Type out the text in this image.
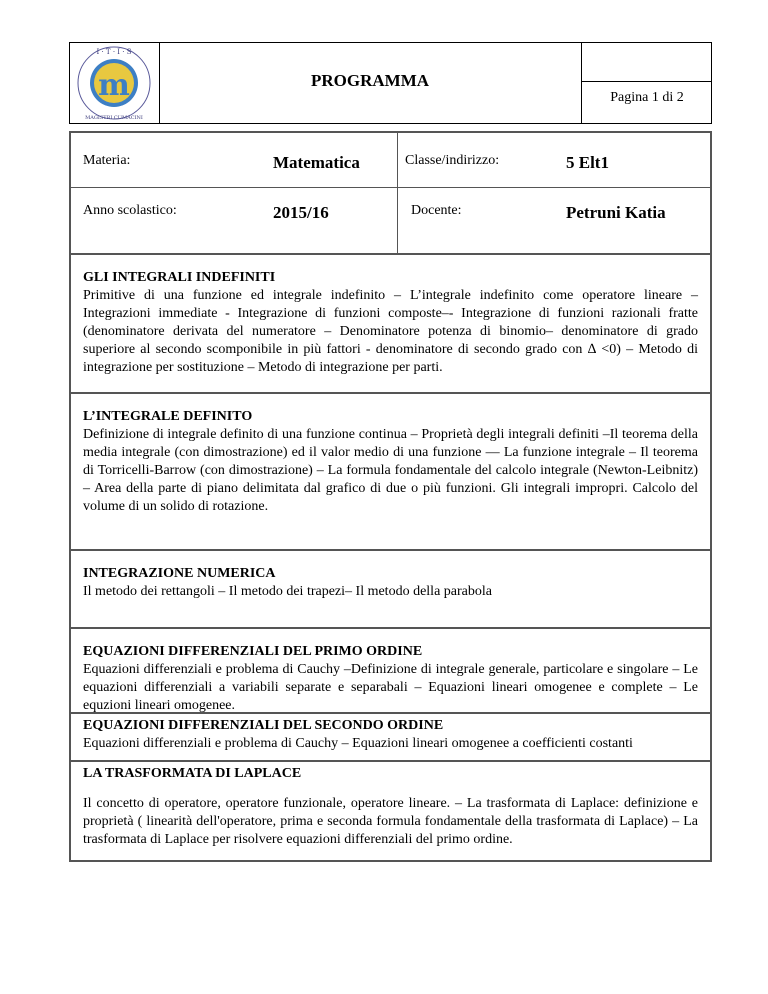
m
I · T · I · S
MAGISTRI CUMACINI
PROGRAMMA
Pagina 1 di 2
Materia:	Matematica	Classe/indirizzo:	5 Elt1
Anno scolastico:	2015/16	Docente:	Petruni Katia
GLI INTEGRALI INDEFINITI
Primitive di una funzione ed integrale indefinito – L’integrale indefinito come operatore lineare – Integrazioni immediate - Integrazione di funzioni composte–- Integrazione di funzioni razionali fratte (denominatore derivata del numeratore – Denominatore potenza di binomio– denominatore di grado superiore al secondo scomponibile in più fattori - denominatore di secondo grado con ∆ <0) – Metodo di integrazione per sostituzione – Metodo di integrazione per parti.
L’INTEGRALE DEFINITO
Definizione di integrale definito di una funzione continua – Proprietà degli integrali definiti –Il teorema della media integrale (con dimostrazione) ed il valor medio di una funzione — La funzione integrale – Il teorema di Torricelli-Barrow (con dimostrazione) – La formula fondamentale del calcolo integrale (Newton-Leibnitz) – Area della parte di piano delimitata dal grafico di due o più funzioni. Gli integrali impropri. Calcolo del volume di un solido di rotazione.
INTEGRAZIONE NUMERICA
Il metodo dei rettangoli – Il metodo dei trapezi– Il metodo della parabola
EQUAZIONI DIFFERENZIALI DEL PRIMO ORDINE
Equazioni differenziali e problema di Cauchy –Definizione di integrale generale, particolare e singolare – Le equazioni differenziali a variabili separate e separabali – Equazioni lineari omogenee e complete – Le equzioni lineari omogenee.
EQUAZIONI DIFFERENZIALI DEL SECONDO ORDINE
Equazioni differenziali e problema di Cauchy – Equazioni lineari omogenee a coefficienti costanti
LA TRASFORMATA DI LAPLACE
Il concetto di operatore, operatore funzionale, operatore lineare. – La trasformata di Laplace: definizione e proprietà ( linearità dell'operatore, prima e seconda formula fondamentale della trasformata di Laplace) – La trasformata di Laplace per risolvere equazioni differenziali del primo ordine.
